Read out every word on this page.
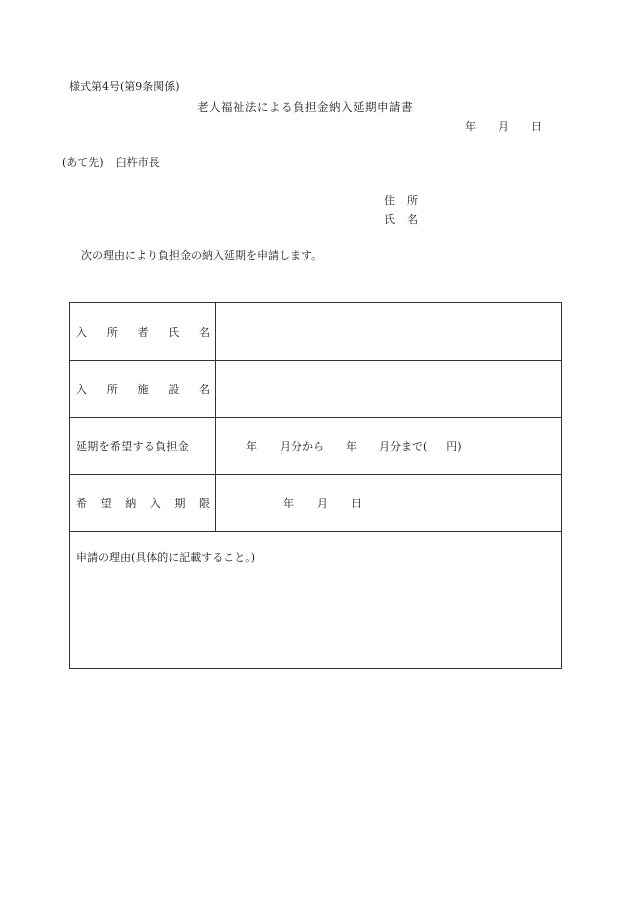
様式第4号(第9条関係)
老人福祉法による負担金納入延期申請書
年 月 日
(あて先) 臼杵市長
住 所
氏 名
次の理由により負担金の納入延期を申請します。
入 所 者 氏 名
入 所 施 設 名
延期を希望する負担金	年 月分から 年 月分まで( 円)
希 望 納 入 期 限	年 月 日
申請の理由(具体的に記載すること。)
